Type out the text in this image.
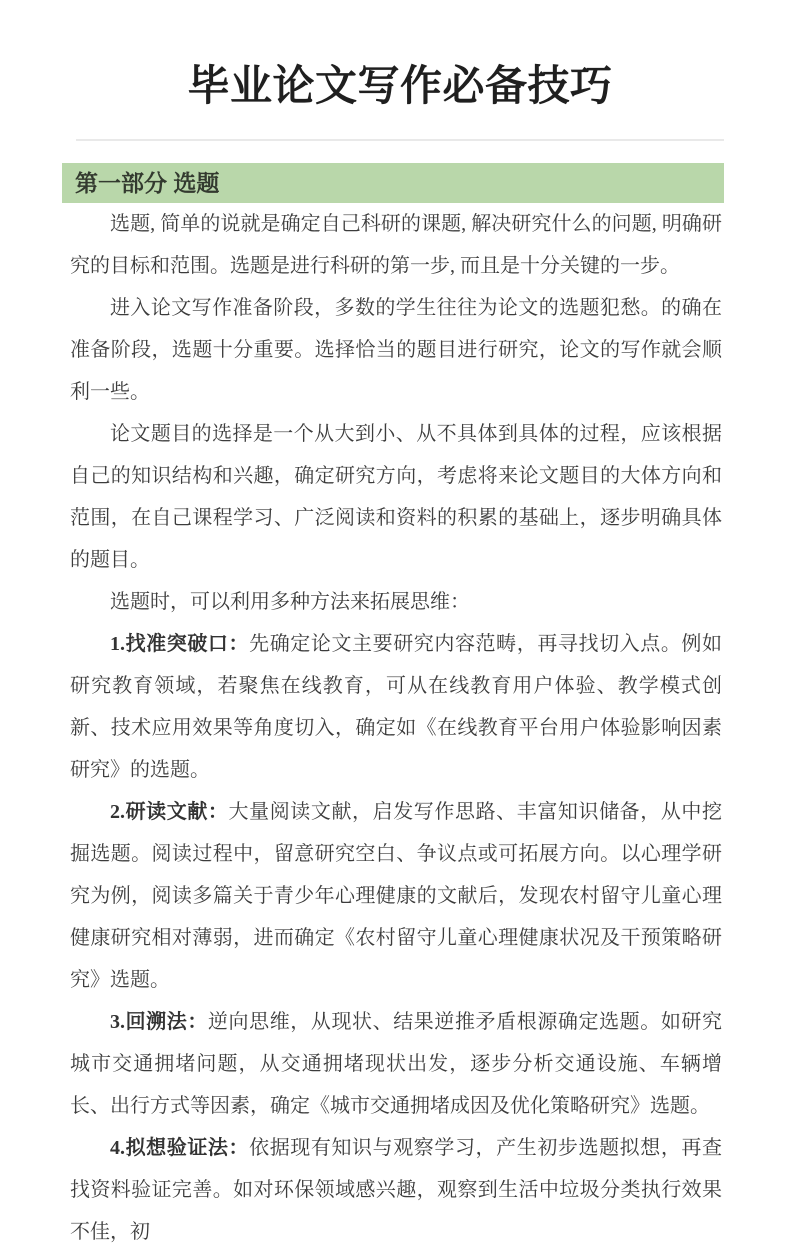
毕业论文写作必备技巧
第一部分 选题

选题, 简单的说就是确定自己科研的课题, 解决研究什么的问题, 明确研究的目标和范围。选题是进行科研的第一步, 而且是十分关键的一步。

进入论文写作准备阶段，多数的学生往往为论文的选题犯愁。的确在准备阶段，选题十分重要。选择恰当的题目进行研究，论文的写作就会顺利一些。

论文题目的选择是一个从大到小、从不具体到具体的过程，应该根据自己的知识结构和兴趣，确定研究方向，考虑将来论文题目的大体方向和范围，在自己课程学习、广泛阅读和资料的积累的基础上，逐步明确具体的题目。

选题时，可以利用多种方法来拓展思维：

1.找准突破口：先确定论文主要研究内容范畴，再寻找切入点。例如研究教育领域，若聚焦在线教育，可从在线教育用户体验、教学模式创新、技术应用效果等角度切入，确定如《在线教育平台用户体验影响因素研究》的选题。

2.研读文献：大量阅读文献，启发写作思路、丰富知识储备，从中挖掘选题。阅读过程中，留意研究空白、争议点或可拓展方向。以心理学研究为例，阅读多篇关于青少年心理健康的文献后，发现农村留守儿童心理健康研究相对薄弱，进而确定《农村留守儿童心理健康状况及干预策略研究》选题。

3.回溯法：逆向思维，从现状、结果逆推矛盾根源确定选题。如研究城市交通拥堵问题，从交通拥堵现状出发，逐步分析交通设施、车辆增长、出行方式等因素，确定《城市交通拥堵成因及优化策略研究》选题。

4.拟想验证法：依据现有知识与观察学习，产生初步选题拟想，再查找资料验证完善。如对环保领域感兴趣，观察到生活中垃圾分类执行效果不佳，初
